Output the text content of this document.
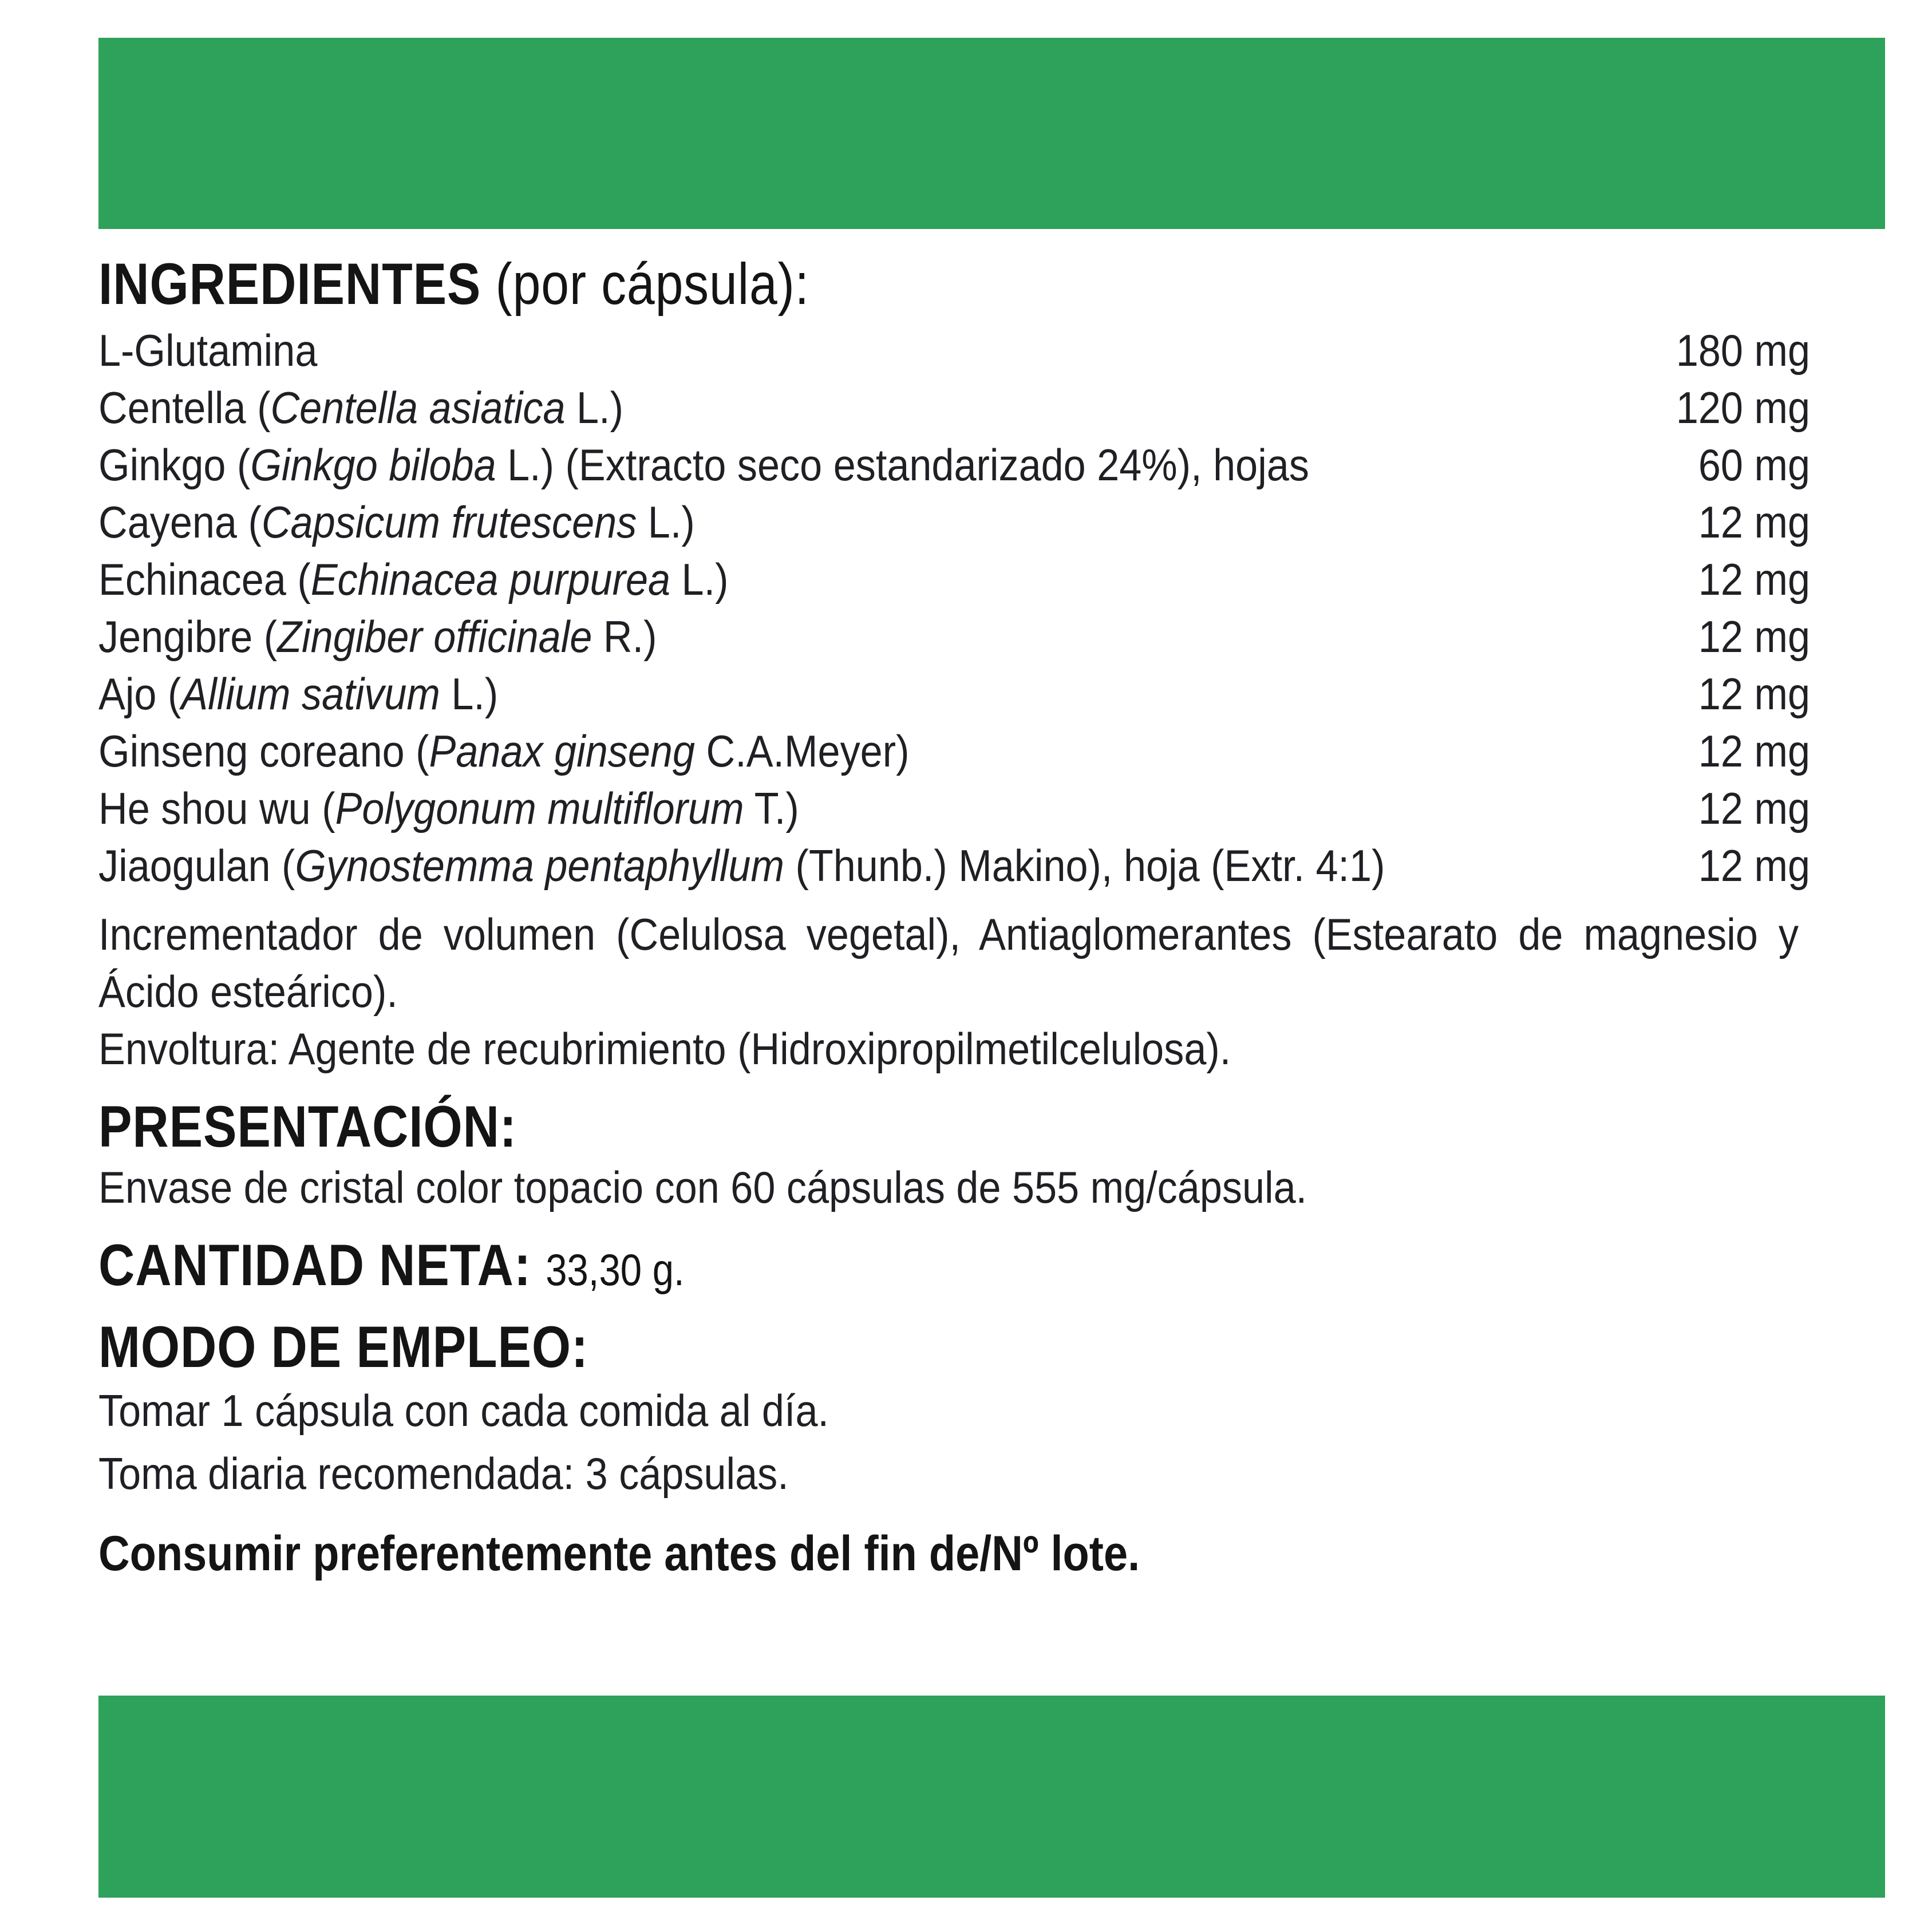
INGREDIENTES (por cápsula):
L-Glutamina	180 mg
Centella (Centella asiatica L.)	120 mg
Ginkgo (Ginkgo biloba L.) (Extracto seco estandarizado 24%), hojas	60 mg
Cayena (Capsicum frutescens L.)	12 mg
Echinacea (Echinacea purpurea L.)	12 mg
Jengibre (Zingiber officinale R.)	12 mg
Ajo (Allium sativum L.)	12 mg
Ginseng coreano (Panax ginseng C.A.Meyer)	12 mg
He shou wu (Polygonum multiflorum T.)	12 mg
Jiaogulan (Gynostemma pentaphyllum (Thunb.) Makino), hoja (Extr. 4:1)	12 mg
Incrementador de volumen (Celulosa vegetal), Antiaglomerantes (Estearato de magnesio y Ácido esteárico).
Envoltura: Agente de recubrimiento (Hidroxipropilmetilcelulosa).
PRESENTACIÓN:
Envase de cristal color topacio con 60 cápsulas de 555 mg/cápsula.
CANTIDAD NETA: 33,30 g.
MODO DE EMPLEO:
Tomar 1 cápsula con cada comida al día.
Toma diaria recomendada: 3 cápsulas.
Consumir preferentemente antes del fin de/Nº lote.
